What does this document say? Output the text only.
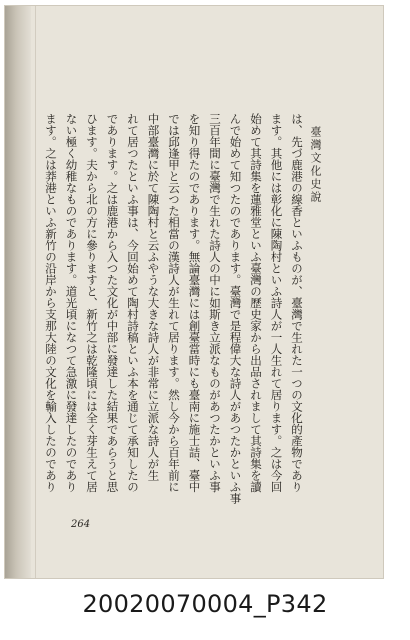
臺灣文化史說
は、先づ鹿港の線香といふものが、臺灣で生れた一つの文化的產物であり
ます。其他には彰化に陳陶村といふ詩人が一人生れて居ります。之は今回
始めて其詩集を蓮雅堂といふ臺灣の歷史家から出品されまして其詩集を讀
んで始めて知つたのであります。臺灣で是程偉大な詩人があつたかといふ事
三百年間に臺灣で生れた詩人の中に如斯き立派なものがあつたかといふ事
を知り得たのであります。無論臺灣には創臺當時にも臺南に施士詰、臺中
では邱逢甲と云つた相當の漢詩人が生れて居ります。然し今から百年前に
中部臺灣に於て陳陶村と云ふやうな大きな詩人が非常に立派な詩人が生
れて居つたといふ事は、今回始めて陶村詩稿といふ本を通じて承知したの
であります。之は鹿港から入つた文化が中部に發達した結果であらうと思
ひます。夫から北の方に參りますと、新竹之は乾隆頃には全く芽生えて居
ない極く幼稚なものであります。道光頃になつて急激に發達したのであり
ます。之は莽港といふ新竹の沿岸から支那大陸の文化を輸入したのであり
264
20020070004_P342
